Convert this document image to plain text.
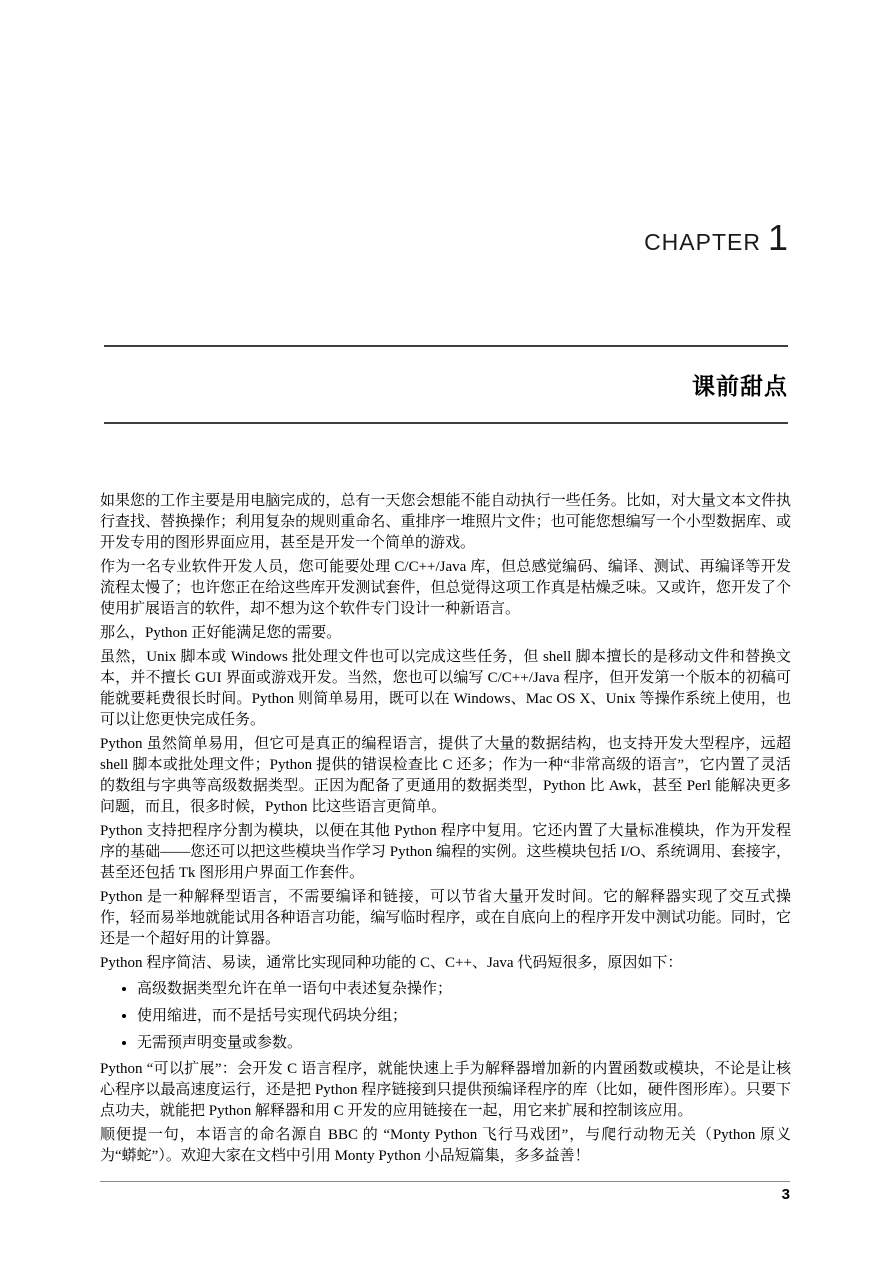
CHAPTER 1
课前甜点

如果您的工作主要是用电脑完成的，总有一天您会想能不能自动执行一些任务。比如，对大量文本文件执行查找、替换操作；利用复杂的规则重命名、重排序一堆照片文件；也可能您想编写一个小型数据库、或开发专用的图形界面应用，甚至是开发一个简单的游戏。

作为一名专业软件开发人员，您可能要处理 C/C++/Java 库，但总感觉编码、编译、测试、再编译等开发流程太慢了；也许您正在给这些库开发测试套件，但总觉得这项工作真是枯燥乏味。又或许，您开发了个使用扩展语言的软件，却不想为这个软件专门设计一种新语言。

那么，Python 正好能满足您的需要。

虽然，Unix 脚本或 Windows 批处理文件也可以完成这些任务，但 shell 脚本擅长的是移动文件和替换文本，并不擅长 GUI 界面或游戏开发。当然，您也可以编写 C/C++/Java 程序，但开发第一个版本的初稿可能就要耗费很长时间。Python 则简单易用，既可以在 Windows、Mac OS X、Unix 等操作系统上使用，也可以让您更快完成任务。

Python 虽然简单易用，但它可是真正的编程语言，提供了大量的数据结构，也支持开发大型程序，远超 shell 脚本或批处理文件；Python 提供的错误检查比 C 还多；作为一种“非常高级的语言”，它内置了灵活的数组与字典等高级数据类型。正因为配备了更通用的数据类型，Python 比 Awk，甚至 Perl 能解决更多问题，而且，很多时候，Python 比这些语言更简单。

Python 支持把程序分割为模块，以便在其他 Python 程序中复用。它还内置了大量标准模块，作为开发程序的基础——您还可以把这些模块当作学习 Python 编程的实例。这些模块包括 I/O、系统调用、套接字，甚至还包括 Tk 图形用户界面工作套件。

Python 是一种解释型语言，不需要编译和链接，可以节省大量开发时间。它的解释器实现了交互式操作，轻而易举地就能试用各种语言功能，编写临时程序，或在自底向上的程序开发中测试功能。同时，它还是一个超好用的计算器。

Python 程序简洁、易读，通常比实现同种功能的 C、C++、Java 代码短很多，原因如下：

• 高级数据类型允许在单一语句中表述复杂操作；
• 使用缩进，而不是括号实现代码块分组；
• 无需预声明变量或参数。

Python “可以扩展”：会开发 C 语言程序，就能快速上手为解释器增加新的内置函数或模块，不论是让核心程序以最高速度运行，还是把 Python 程序链接到只提供预编译程序的库（比如，硬件图形库）。只要下点功夫，就能把 Python 解释器和用 C 开发的应用链接在一起，用它来扩展和控制该应用。

顺便提一句，本语言的命名源自 BBC 的 “Monty Python 飞行马戏团”，与爬行动物无关（Python 原义为“蟒蛇”）。欢迎大家在文档中引用 Monty Python 小品短篇集，多多益善！

3
